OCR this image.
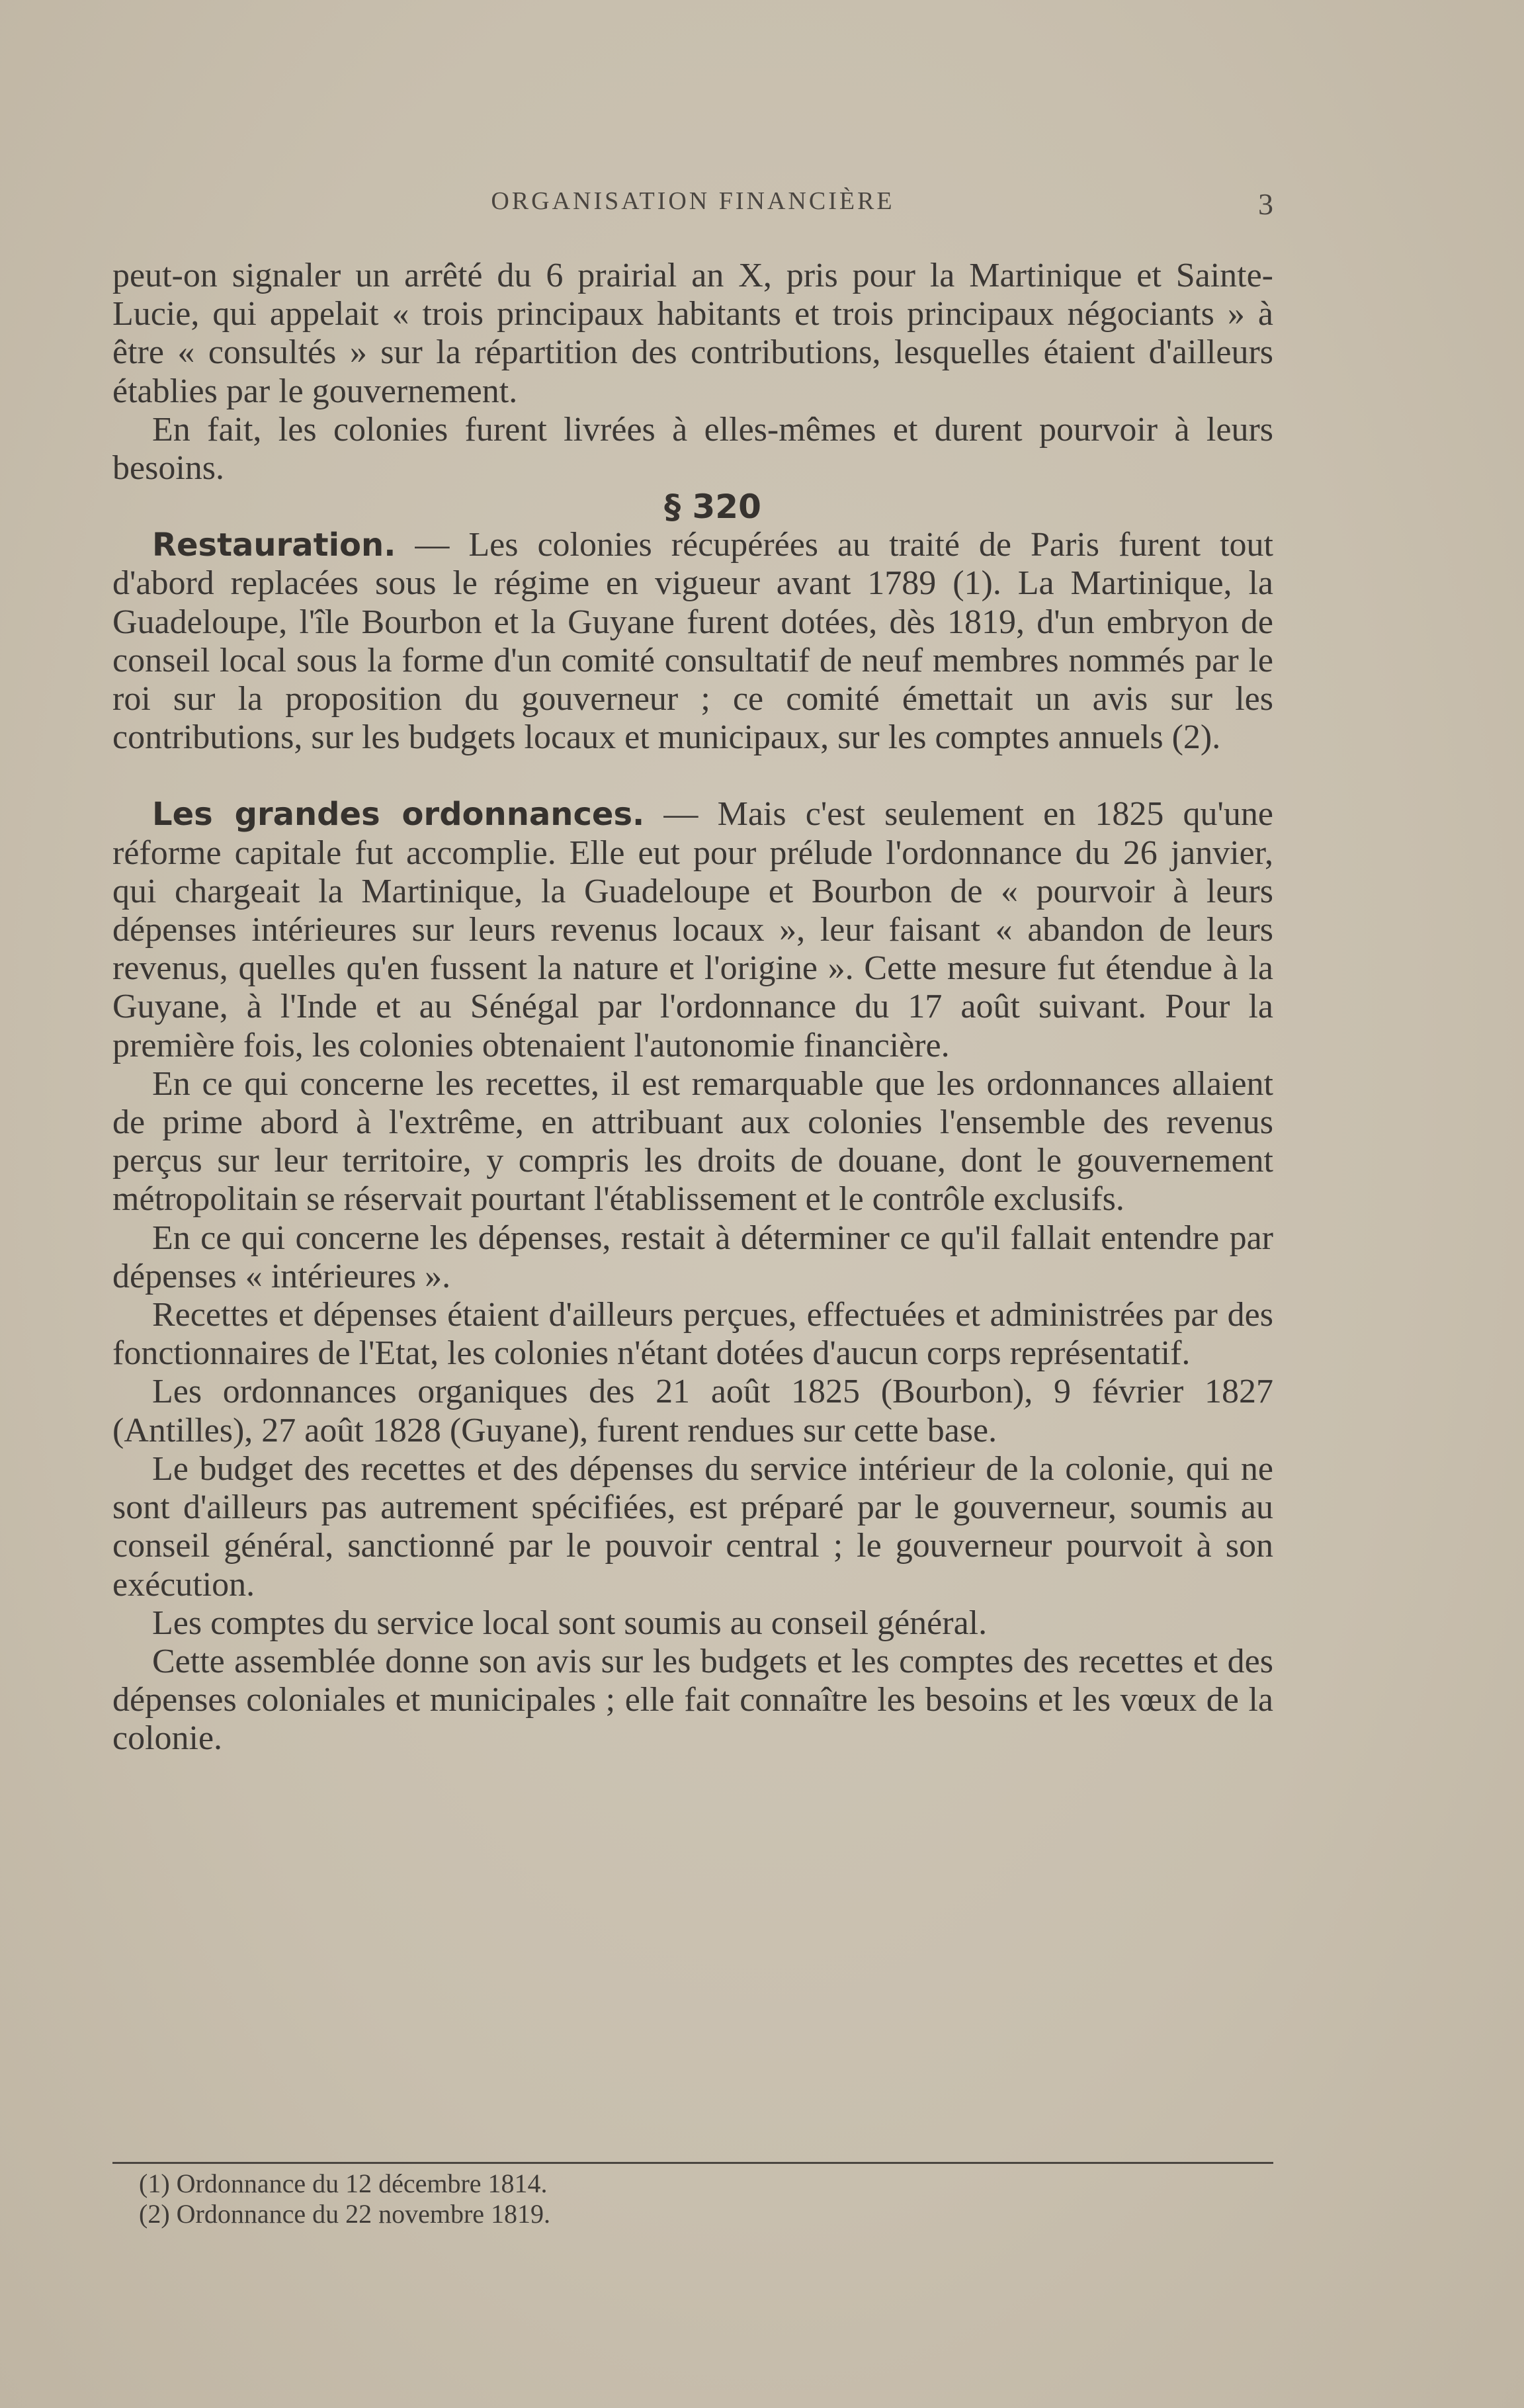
ORGANISATION FINANCIÈRE	3

peut-on signaler un arrêté du 6 prairial an X, pris pour la Martinique et Sainte-Lucie, qui appelait « trois principaux habitants et trois principaux négociants » à être « consultés » sur la répartition des contributions, lesquelles étaient d'ailleurs établies par le gouvernement.

En fait, les colonies furent livrées à elles-mêmes et durent pourvoir à leurs besoins.

§ 320

Restauration. — Les colonies récupérées au traité de Paris furent tout d'abord replacées sous le régime en vigueur avant 1789 (1). La Martinique, la Guadeloupe, l'île Bourbon et la Guyane furent dotées, dès 1819, d'un embryon de conseil local sous la forme d'un comité consultatif de neuf membres nommés par le roi sur la proposition du gouverneur ; ce comité émettait un avis sur les contributions, sur les budgets locaux et municipaux, sur les comptes annuels (2).

Les grandes ordonnances. — Mais c'est seulement en 1825 qu'une réforme capitale fut accomplie. Elle eut pour prélude l'ordonnance du 26 janvier, qui chargeait la Martinique, la Guadeloupe et Bourbon de « pourvoir à leurs dépenses intérieures sur leurs revenus locaux », leur faisant « abandon de leurs revenus, quelles qu'en fussent la nature et l'origine ». Cette mesure fut étendue à la Guyane, à l'Inde et au Sénégal par l'ordonnance du 17 août suivant. Pour la première fois, les colonies obtenaient l'autonomie financière.

En ce qui concerne les recettes, il est remarquable que les ordonnances allaient de prime abord à l'extrême, en attribuant aux colonies l'ensemble des revenus perçus sur leur territoire, y compris les droits de douane, dont le gouvernement métropolitain se réservait pourtant l'établissement et le contrôle exclusifs.

En ce qui concerne les dépenses, restait à déterminer ce qu'il fallait entendre par dépenses « intérieures ».

Recettes et dépenses étaient d'ailleurs perçues, effectuées et administrées par des fonctionnaires de l'Etat, les colonies n'étant dotées d'aucun corps représentatif.

Les ordonnances organiques des 21 août 1825 (Bourbon), 9 février 1827 (Antilles), 27 août 1828 (Guyane), furent rendues sur cette base.

Le budget des recettes et des dépenses du service intérieur de la colonie, qui ne sont d'ailleurs pas autrement spécifiées, est préparé par le gouverneur, soumis au conseil général, sanctionné par le pouvoir central ; le gouverneur pourvoit à son exécution.

Les comptes du service local sont soumis au conseil général.

Cette assemblée donne son avis sur les budgets et les comptes des recettes et des dépenses coloniales et municipales ; elle fait connaître les besoins et les vœux de la colonie.

(1) Ordonnance du 12 décembre 1814.
(2) Ordonnance du 22 novembre 1819.
